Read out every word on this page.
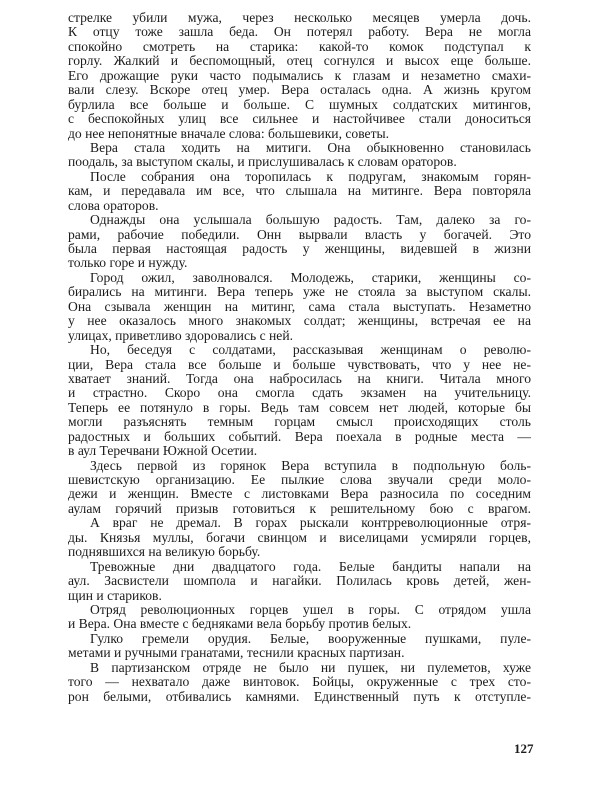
стрелке убили мужа, через несколько месяцев умерла дочь.
К отцу тоже зашла беда. Он потерял работу. Вера не могла
спокойно смотреть на старика: какой-то комок подступал к
горлу. Жалкий и беспомощный, отец согнулся и высох еще больше.
Его дрожащие руки часто подымались к глазам и незаметно смахи-
вали слезу. Вскоре отец умер. Вера осталась одна. А жизнь кругом
бурлила все больше и больше. С шумных солдатских митингов,
с беспокойных улиц все сильнее и настойчивее стали доноситься
до нее непонятные вначале слова: большевики, советы.
Вера стала ходить на митиги. Она обыкновенно становилась
поодаль, за выступом скалы, и прислушивалась к словам ораторов.
После собрания она торопилась к подругам, знакомым горян-
кам, и передавала им все, что слышала на митинге. Вера повторяла
слова ораторов.
Однажды она услышала большую радость. Там, далеко за го-
рами, рабочие победили. Онн вырвали власть у богачей. Это
была первая настоящая радость у женщины, видевшей в жизни
только горе и нужду.
Город ожил, заволновался. Молодежь, старики, женщины со-
бирались на митинги. Вера теперь уже не стояла за выступом скалы.
Она сзывала женщин на митинг, сама стала выступать. Незаметно
у нее оказалось много знакомых солдат; женщины, встречая ее на
улицах, приветливо здоровались с ней.
Но, беседуя с солдатами, рассказывая женщинам о револю-
ции, Вера стала все больше и больше чувствовать, что у нее не-
хватает знаний. Тогда она набросилась на книги. Читала много
и страстно. Скоро она смогла сдать экзамен на учительницу.
Теперь ее потянуло в горы. Ведь там совсем нет людей, которые бы
могли разъяснять темным горцам смысл происходящих столь
радостных и больших событий. Вера поехала в родные места —
в аул Теречвани Южной Осетии.
Здесь первой из горянок Вера вступила в подпольную боль-
шевистскую организацию. Ее пылкие слова звучали среди моло-
дежи и женщин. Вместе с листовками Вера разносила по соседним
аулам горячий призыв готовиться к решительному бою с врагом.
А враг не дремал. В горах рыскали контрреволюционные отря-
ды. Князья муллы, богачи свинцом и виселицами усмиряли горцев,
поднявшихся на великую борьбу.
Тревожные дни двадцатого года. Белые бандиты напали на
аул. Засвистели шомпола и нагайки. Полилась кровь детей, жен-
щин и стариков.
Отряд революционных горцев ушел в горы. С отрядом ушла
и Вера. Она вместе с бедняками вела борьбу против белых.
Гулко гремели орудия. Белые, вооруженные пушками, пуле-
метами и ручными гранатами, теснили красных партизан.
В партизанском отряде не было ни пушек, ни пулеметов, хуже
того — нехватало даже винтовок. Бойцы, окруженные с трех сто-
рон белыми, отбивались камнями. Единственный путь к отступле-
127
